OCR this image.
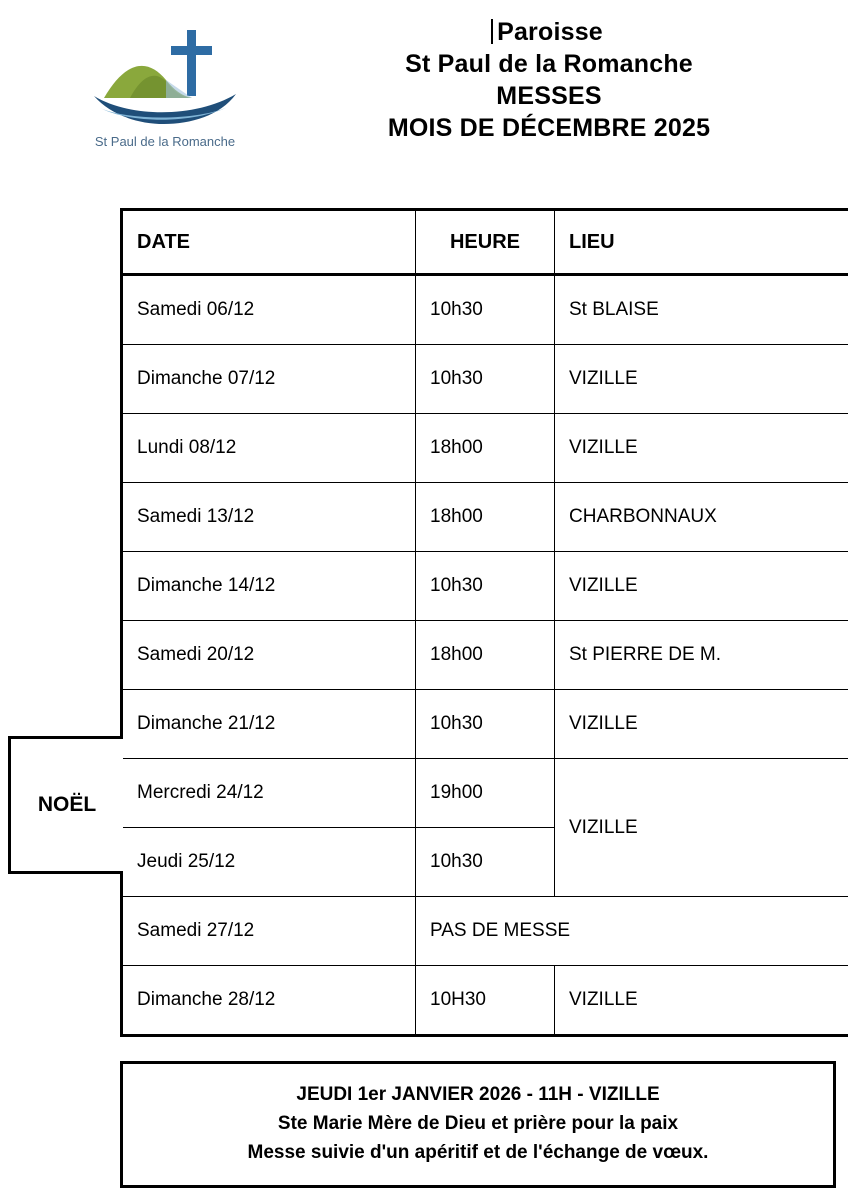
St Paul de la Romanche
Paroisse
St Paul de la Romanche
MESSES
MOIS DE DÉCEMBRE 2025
NOËL
DATE	HEURE	LIEU
Samedi 06/12	10h30	St BLAISE
Dimanche 07/12	10h30	VIZILLE
Lundi 08/12	18h00	VIZILLE
Samedi 13/12	18h00	CHARBONNAUX
Dimanche 14/12	10h30	VIZILLE
Samedi 20/12	18h00	St PIERRE DE M.
Dimanche 21/12	10h30	VIZILLE
Mercredi 24/12	19h00	VIZILLE
Jeudi 25/12	10h30	
Samedi 27/12	PAS DE MESSE	
Dimanche 28/12	10H30	VIZILLE
JEUDI 1er JANVIER 2026 - 11H - VIZILLE
Ste Marie Mère de Dieu et prière pour la paix
Messe suivie d'un apéritif et de l'échange de vœux.
